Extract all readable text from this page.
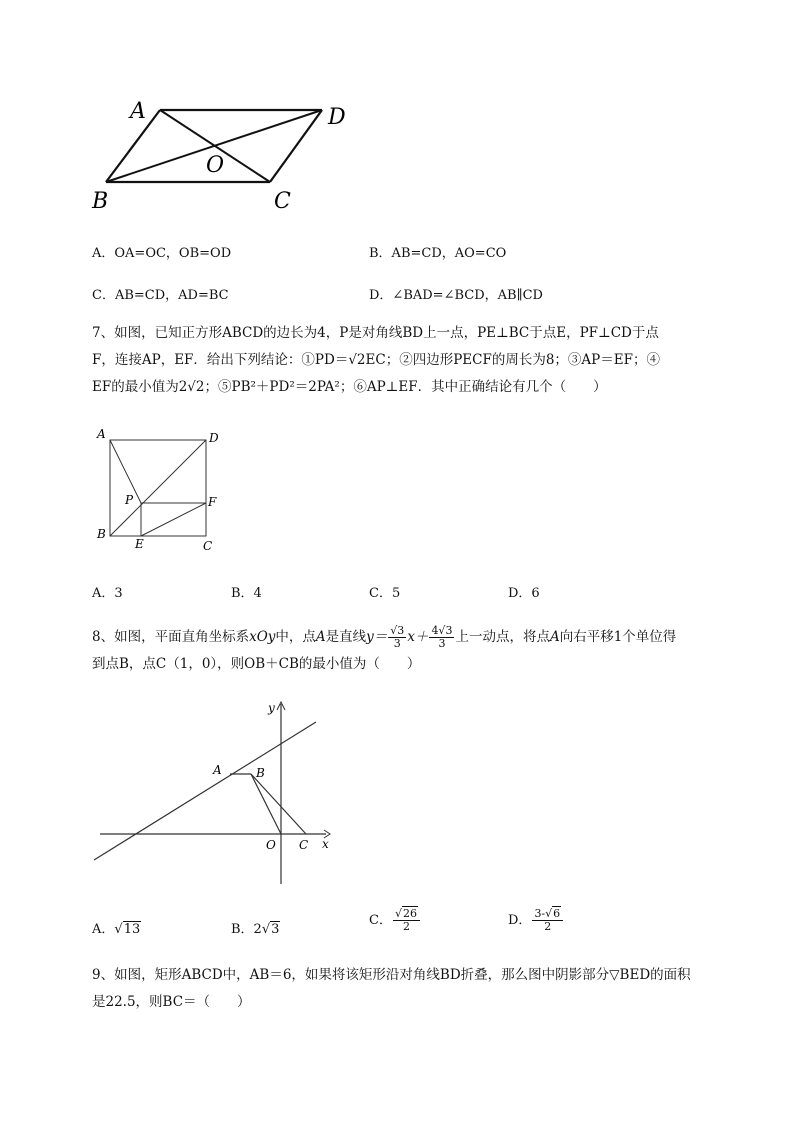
A	D
B	C
O
A．OA=OC，OB=OD	B．AB=CD，AO=CO
C．AB=CD，AD=BC	D．∠BAD=∠BCD，AB∥CD
7、如图，已知正方形ABCD的边长为4，P是对角线BD上一点，PE⊥BC于点E，PF⊥CD于点
F，连接AP，EF．给出下列结论：①PD＝√2EC；②四边形PECF的周长为8；③AP＝EF；④
EF的最小值为2√2；⑤PB²＋PD²＝2PA²；⑥AP⊥EF．其中正确结论有几个（　　）
A	D
B
C
P
E
F
A．3	B．4	C．5	D．6
8、如图，平面直角坐标系xOy中，点A是直线$y= \frac{√3}{3} x+ \frac{4√3}{3}$ 上一动点，将点A向右平移1个单位得
到点B，点C（1，0），则OB＋CB的最小值为（　　）
A	B
O C x
y
A．√13	B．2√3
C． $\frac{√26}{2}$	D． $\frac{3-√6}{2}$
9、如图，矩形ABCD中，AB＝6，如果将该矩形沿对角线BD折叠，那么图中阴影部分▽BED的面积
是22.5，则BC＝（　　）
